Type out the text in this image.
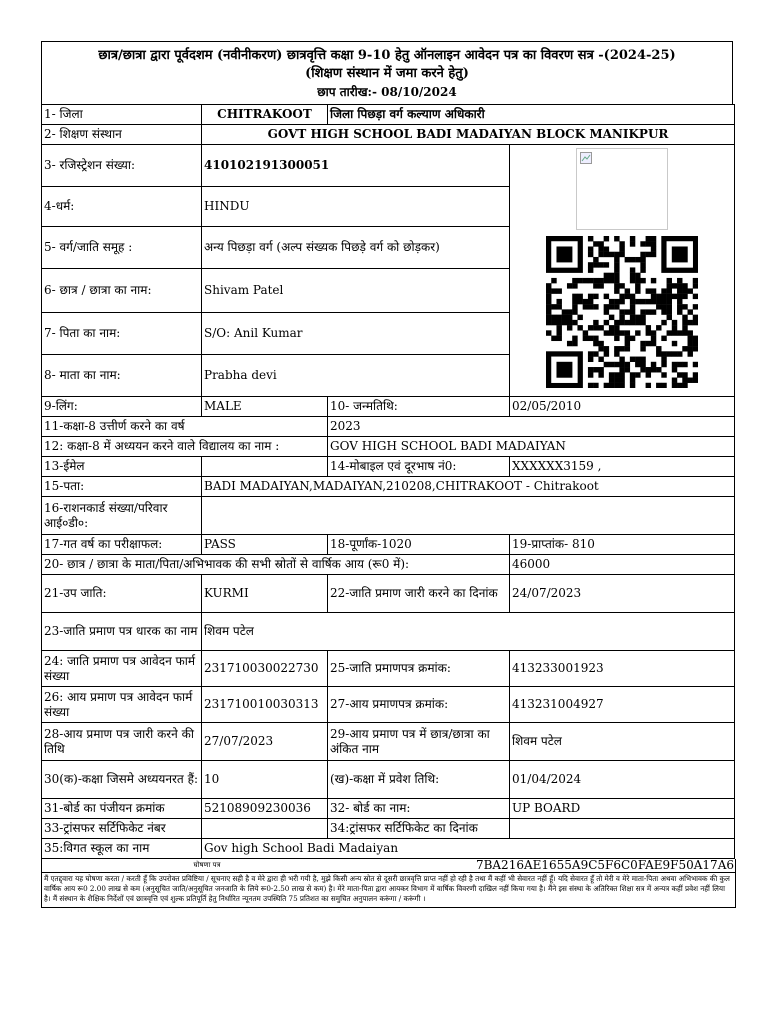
छात्र/छात्रा द्वारा पूर्वदशम (नवीनीकरण) छात्रवृत्ति कक्षा 9-10 हेतु ऑनलाइन आवेदन पत्र का विवरण सत्र -(2024-25)
(शिक्षण संस्थान में जमा करने हेतु)
छाप तारीख:- 08/10/2024
1- जिला	CHITRAKOOT	जिला पिछड़ा वर्ग कल्याण अधिकारी	
2- शिक्षण संस्थान	GOVT HIGH SCHOOL BADI MADAIYAN BLOCK MANIKPUR		
3- रजिस्ट्रेशन संख्या:	410102191300051	

4-धर्म:	HINDU		
5- वर्ग/जाति समूह :	अन्य पिछड़ा वर्ग (अल्प संख्यक पिछड़े वर्ग को छोड़कर)		
6- छात्र / छात्रा का नाम:	Shivam Patel		
7- पिता का नाम:	S/O: Anil Kumar		
8- माता का नाम:	Prabha devi		
9-लिंग:	MALE	10- जन्मतिथि:	02/05/2010
11-कक्षा-8 उत्तीर्ण करने का वर्ष		2023	
12: कक्षा-8 में अध्ययन करने वाले विद्यालय का नाम :		GOV HIGH SCHOOL BADI MADAIYAN	
13-ईमेल		14-मोबाइल एवं दूरभाष नं0:	XXXXXX3159 ,
15-पता:	BADI MADAIYAN,MADAIYAN,210208,CHITRAKOOT - Chitrakoot		
16-राशनकार्ड संख्या/परिवार आई०डी०:			
17-गत वर्ष का परीक्षाफल:	PASS	18-पूर्णांक-1020	19-प्राप्तांक- 810
20- छात्र / छात्रा के माता/पिता/अभिभावक की सभी स्रोतों से वार्षिक आय (रू0 में):			46000
21-उप जाति:	KURMI	22-जाति प्रमाण जारी करने का दिनांक	24/07/2023
23-जाति प्रमाण पत्र धारक का नाम	शिवम पटेल		
24: जाति प्रमाण पत्र आवेदन फार्म संख्या	231710030022730	25-जाति प्रमाणपत्र क्रमांक:	413233001923
26: आय प्रमाण पत्र आवेदन फार्म संख्या	231710010030313	27-आय प्रमाणपत्र क्रमांक:	413231004927
28-आय प्रमाण पत्र जारी करने की तिथि	27/07/2023	29-आय प्रमाण पत्र में छात्र/छात्रा का अंकित नाम	शिवम पटेल
30(क)-कक्षा जिसमे अध्ययनरत हैं:	10	(ख)-कक्षा में प्रवेश तिथि:	01/04/2024
31-बोर्ड का पंजीयन क्रमांक	52108909230036	32- बोर्ड का नाम:	UP BOARD
33-ट्रांसफर सर्टिफिकेट नंबर		34:ट्रांसफर सर्टिफिकेट का दिनांक	
35:विगत स्कूल का नाम	Gov high School Badi Madaiyan		
घोषणा पत्र	7BA216AE1655A9C5F6C0FAE9F50A17A6
मैं एतद्द्वारा यह घोषणा करता / करती हूँ कि उपरोक्त प्रविष्टिया / सूचनाए सही है व मेरे द्वारा ही भरी गयी है, मुझे किसी अन्य स्रोत से दूसरी छात्रवृत्ति प्राप्त नहीं हो रही है तथा मैं कहीं भी सेवारत नहीं हूँ। यदि सेवारत हूँ तो मेरी व मेरे माता-पिता अथवा अभिभावक की कुल वार्षिक आय रू0 2.00 लाख से कम (अनुसूचित जाति/अनुसूचित जनजाति के लिये रू0-2.50 लाख से कम) है। मेरे माता-पिता द्वारा आयकर विभाग में वार्षिक विवरणी दाखिल नहीं किया गया है। मैंने इस संस्था के अतिरिक्त शिक्षा सत्र में अन्यत्र कहीं प्रवेश नहीं लिया है। मैं संस्थान के शैक्षिक निर्देशों एवं छात्रवृत्ति एवं शुल्क प्रतिपूर्ति हेतु निर्धारित न्यूनतम उपस्थिति 75 प्रतिशत का समुचित अनुपालन करूंगा / करूंगी ।
